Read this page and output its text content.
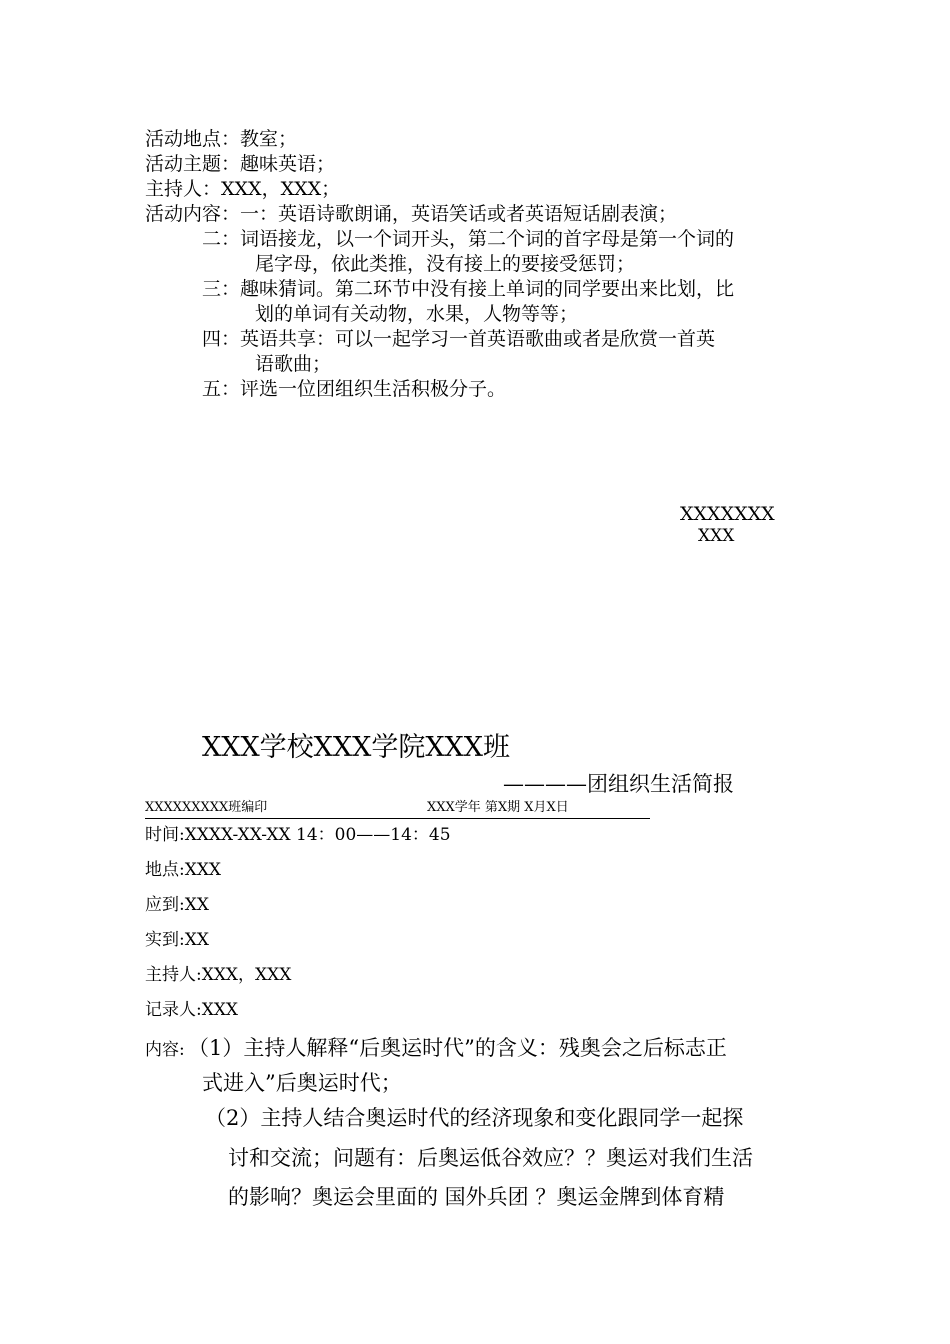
活动地点：教室；
活动主题：趣味英语；
主持人：XXX，XXX；
活动内容：一：英语诗歌朗诵，英语笑话或者英语短话剧表演；
二：词语接龙，以一个词开头，第二个词的首字母是第一个词的
尾字母，依此类推，没有接上的要接受惩罚；
三：趣味猜词。第二环节中没有接上单词的同学要出来比划，比
划的单词有关动物，水果，人物等等；
四：英语共享：可以一起学习一首英语歌曲或者是欣赏一首英
语歌曲；
五：评选一位团组织生活积极分子。
XXXXXXX
XXX
XXX学校XXX学院XXX班
————团组织生活简报
XXXXXXXXX班编印	XXX学年 第X期 X月X日
时间:XXXX-XX-XX 14：00——14：45
地点:XXX
应到:XX
实到:XX
主持人:XXX，XXX
记录人:XXX
内容: （1）主持人解释“后奥运时代”的含义：残奥会之后标志正
式进入”后奥运时代；
（2）主持人结合奥运时代的经济现象和变化跟同学一起探
讨和交流；问题有：后奥运低谷效应？？奥运对我们生活
的影响？奥运会里面的 国外兵团 ？奥运金牌到体育精
